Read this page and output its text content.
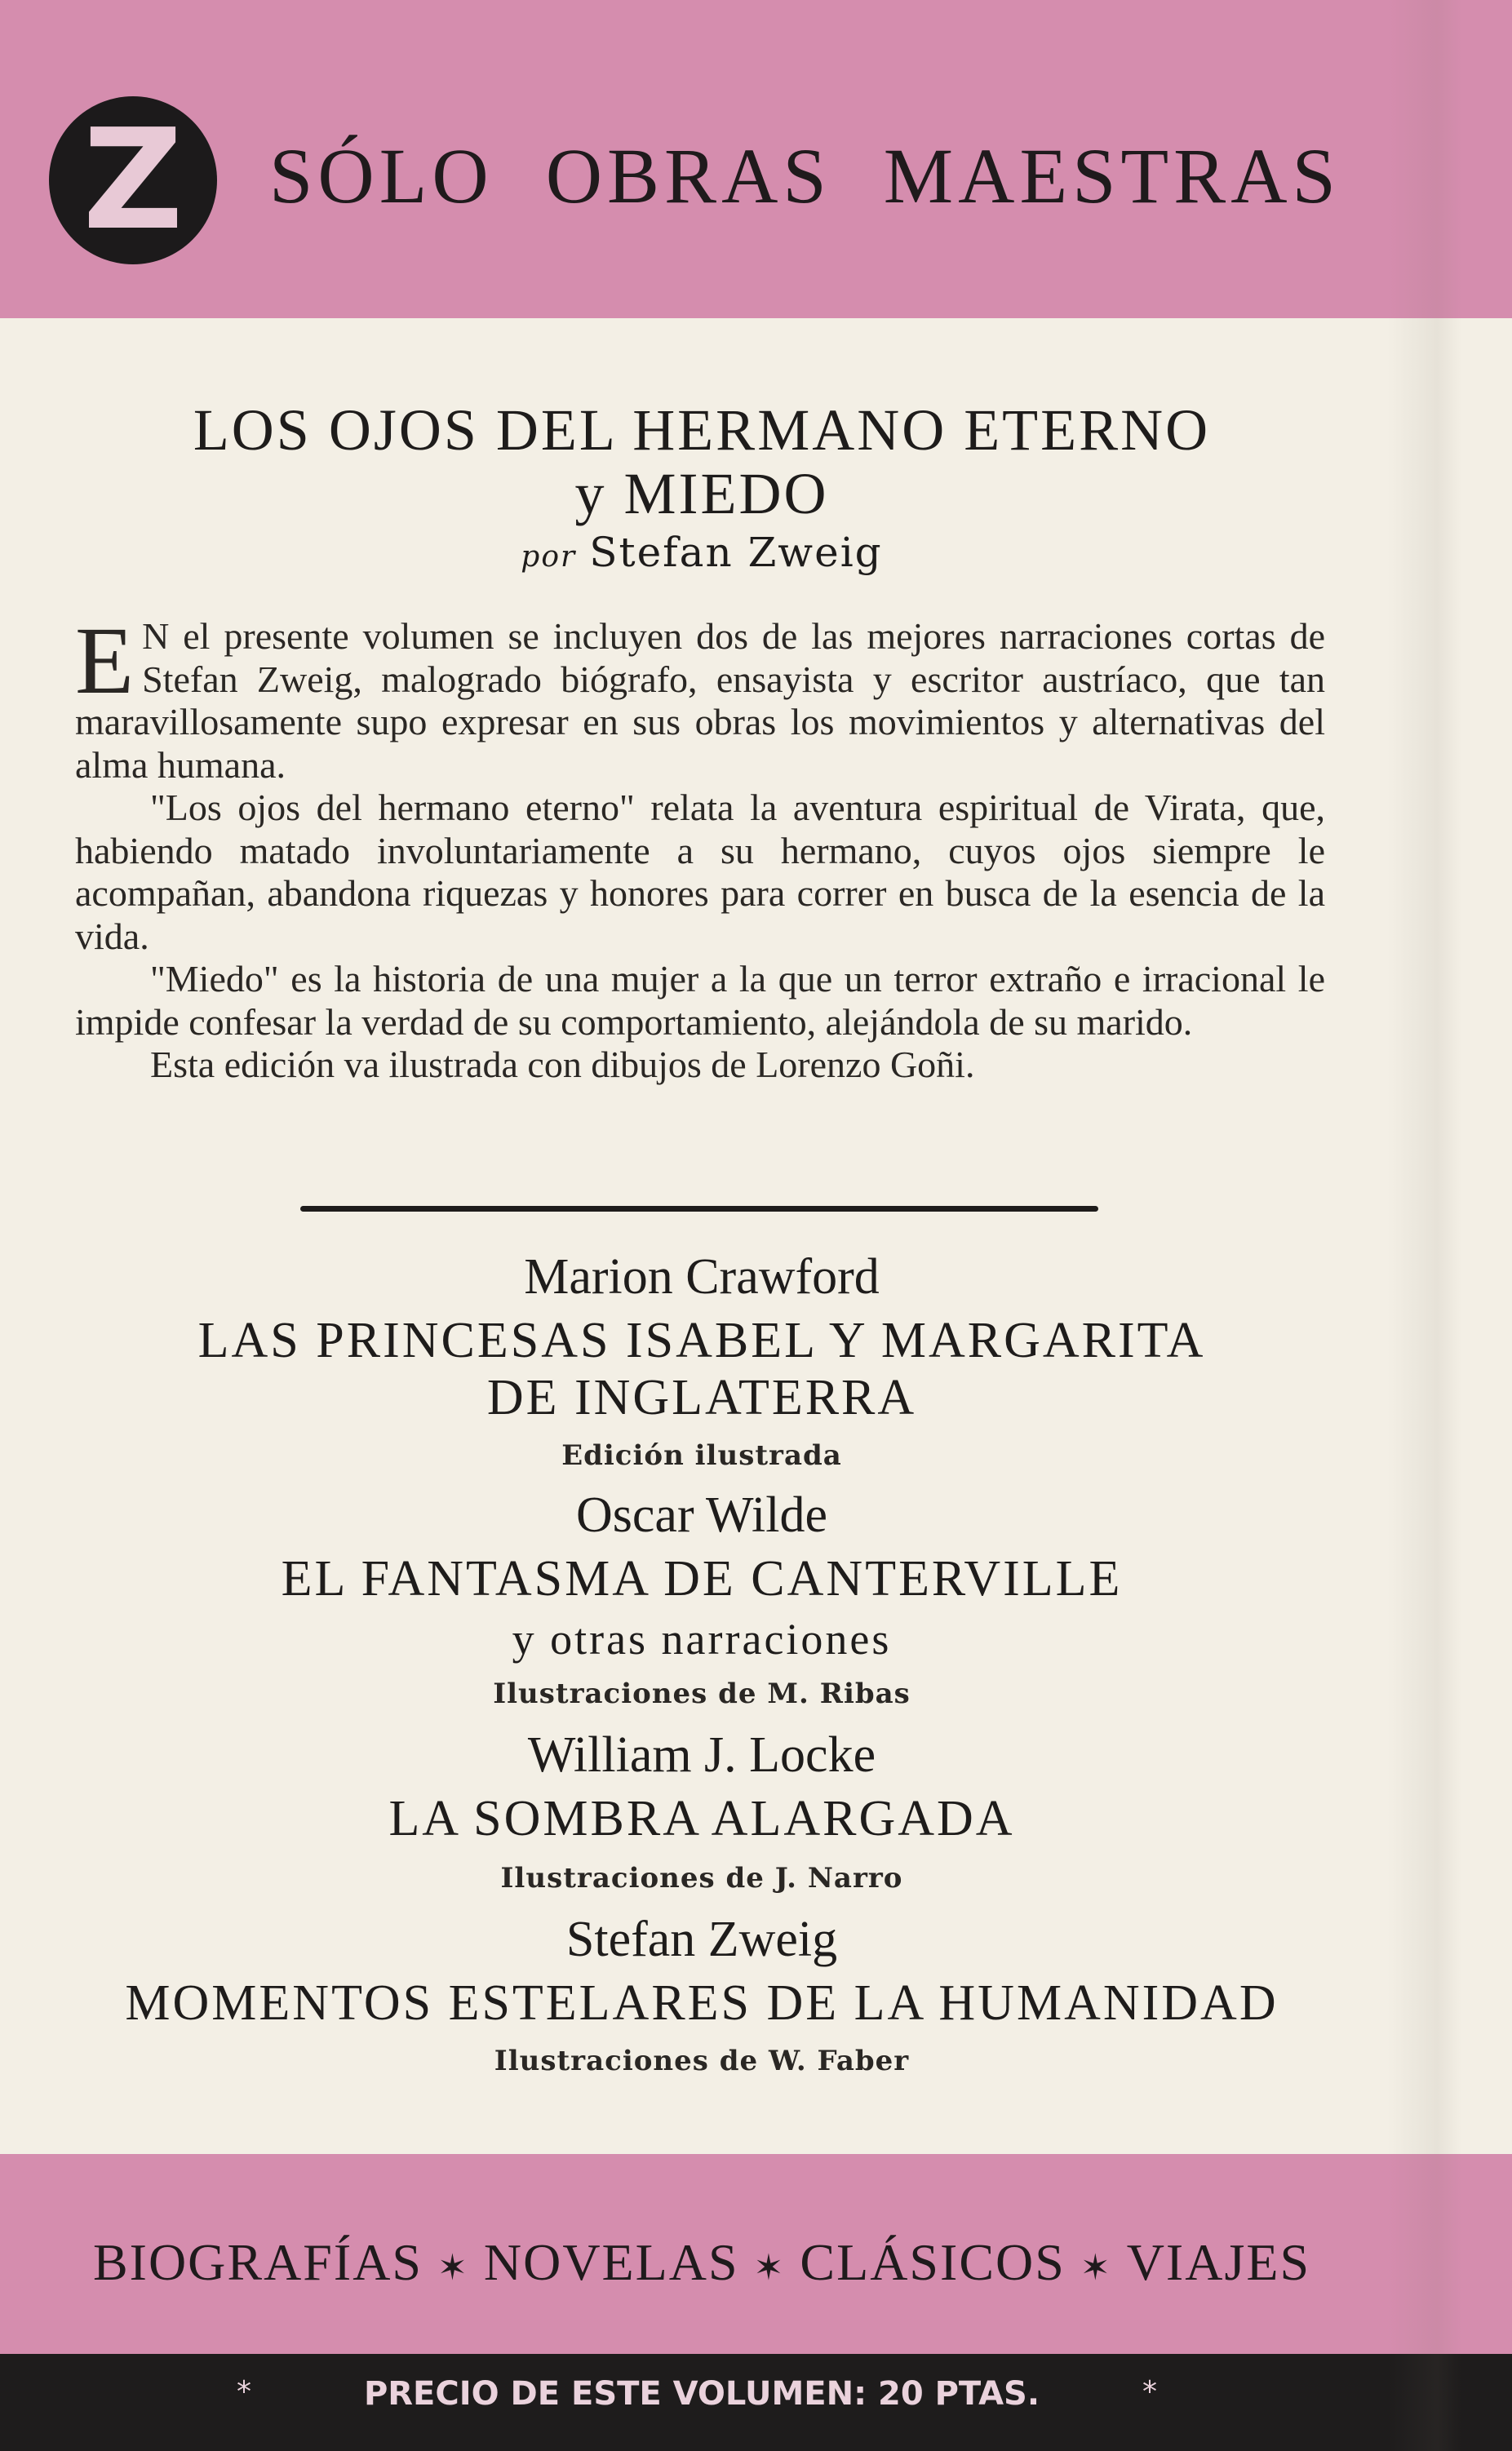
Z	SÓLO OBRAS MAESTRAS
LOS OJOS DEL HERMANO ETERNO
y MIEDO
por Stefan Zweig

E N el presente volumen se incluyen dos de las mejores narraciones cortas de Stefan Zweig, malogrado biógrafo, ensayista y escritor austríaco, que tan maravillosamente supo expresar en sus obras los movimientos y alternativas del alma humana.

"Los ojos del hermano eterno" relata la aventura espiritual de Virata, que, habiendo matado involuntariamente a su hermano, cuyos ojos siempre le acompañan, abandona riquezas y honores para correr en busca de la esencia de la vida.

"Miedo" es la historia de una mujer a la que un terror extraño e irracional le impide confesar la verdad de su comportamiento, alejándola de su marido.

Esta edición va ilustrada con dibujos de Lorenzo Goñi.

Marion Crawford
LAS PRINCESAS ISABEL Y MARGARITA
DE INGLATERRA
Edición ilustrada
Oscar Wilde
EL FANTASMA DE CANTERVILLE
y otras narraciones
Ilustraciones de M. Ribas
William J. Locke
LA SOMBRA ALARGADA
Ilustraciones de J. Narro
Stefan Zweig
MOMENTOS ESTELARES DE LA HUMANIDAD
Ilustraciones de W. Faber
BIOGRAFÍAS ✶ NOVELAS ✶ CLÁSICOS ✶ VIAJES
*	PRECIO DE ESTE VOLUMEN: 20 PTAS.	*
